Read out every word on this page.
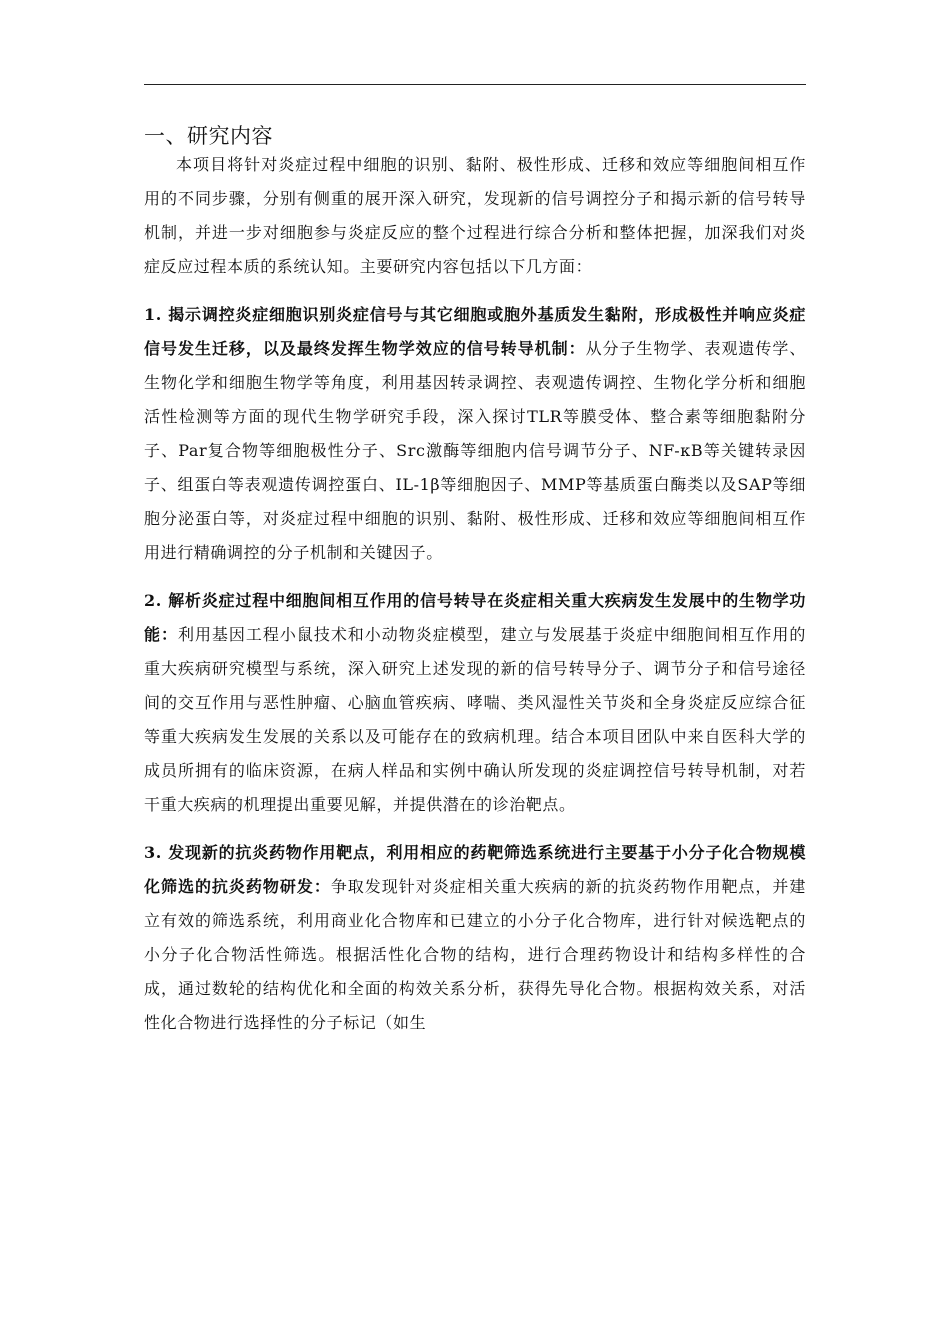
一、研究内容

本项目将针对炎症过程中细胞的识别、黏附、极性形成、迁移和效应等细胞间相互作用的不同步骤，分别有侧重的展开深入研究，发现新的信号调控分子和揭示新的信号转导机制，并进一步对细胞参与炎症反应的整个过程进行综合分析和整体把握，加深我们对炎症反应过程本质的系统认知。主要研究内容包括以下几方面：

1. 揭示调控炎症细胞识别炎症信号与其它细胞或胞外基质发生黏附，形成极性并响应炎症信号发生迁移，以及最终发挥生物学效应的信号转导机制：从分子生物学、表观遗传学、生物化学和细胞生物学等角度，利用基因转录调控、表观遗传调控、生物化学分析和细胞活性检测等方面的现代生物学研究手段，深入探讨TLR等膜受体、整合素等细胞黏附分子、Par复合物等细胞极性分子、Src激酶等细胞内信号调节分子、NF-κB等关键转录因子、组蛋白等表观遗传调控蛋白、IL-1β等细胞因子、MMP等基质蛋白酶类以及SAP等细胞分泌蛋白等，对炎症过程中细胞的识别、黏附、极性形成、迁移和效应等细胞间相互作用进行精确调控的分子机制和关键因子。

2. 解析炎症过程中细胞间相互作用的信号转导在炎症相关重大疾病发生发展中的生物学功能：利用基因工程小鼠技术和小动物炎症模型，建立与发展基于炎症中细胞间相互作用的重大疾病研究模型与系统，深入研究上述发现的新的信号转导分子、调节分子和信号途径间的交互作用与恶性肿瘤、心脑血管疾病、哮喘、类风湿性关节炎和全身炎症反应综合征等重大疾病发生发展的关系以及可能存在的致病机理。结合本项目团队中来自医科大学的成员所拥有的临床资源，在病人样品和实例中确认所发现的炎症调控信号转导机制，对若干重大疾病的机理提出重要见解，并提供潜在的诊治靶点。

3. 发现新的抗炎药物作用靶点，利用相应的药靶筛选系统进行主要基于小分子化合物规模化筛选的抗炎药物研发：争取发现针对炎症相关重大疾病的新的抗炎药物作用靶点，并建立有效的筛选系统，利用商业化合物库和已建立的小分子化合物库，进行针对候选靶点的小分子化合物活性筛选。根据活性化合物的结构，进行合理药物设计和结构多样性的合成，通过数轮的结构优化和全面的构效关系分析，获得先导化合物。根据构效关系，对活性化合物进行选择性的分子标记（如生
